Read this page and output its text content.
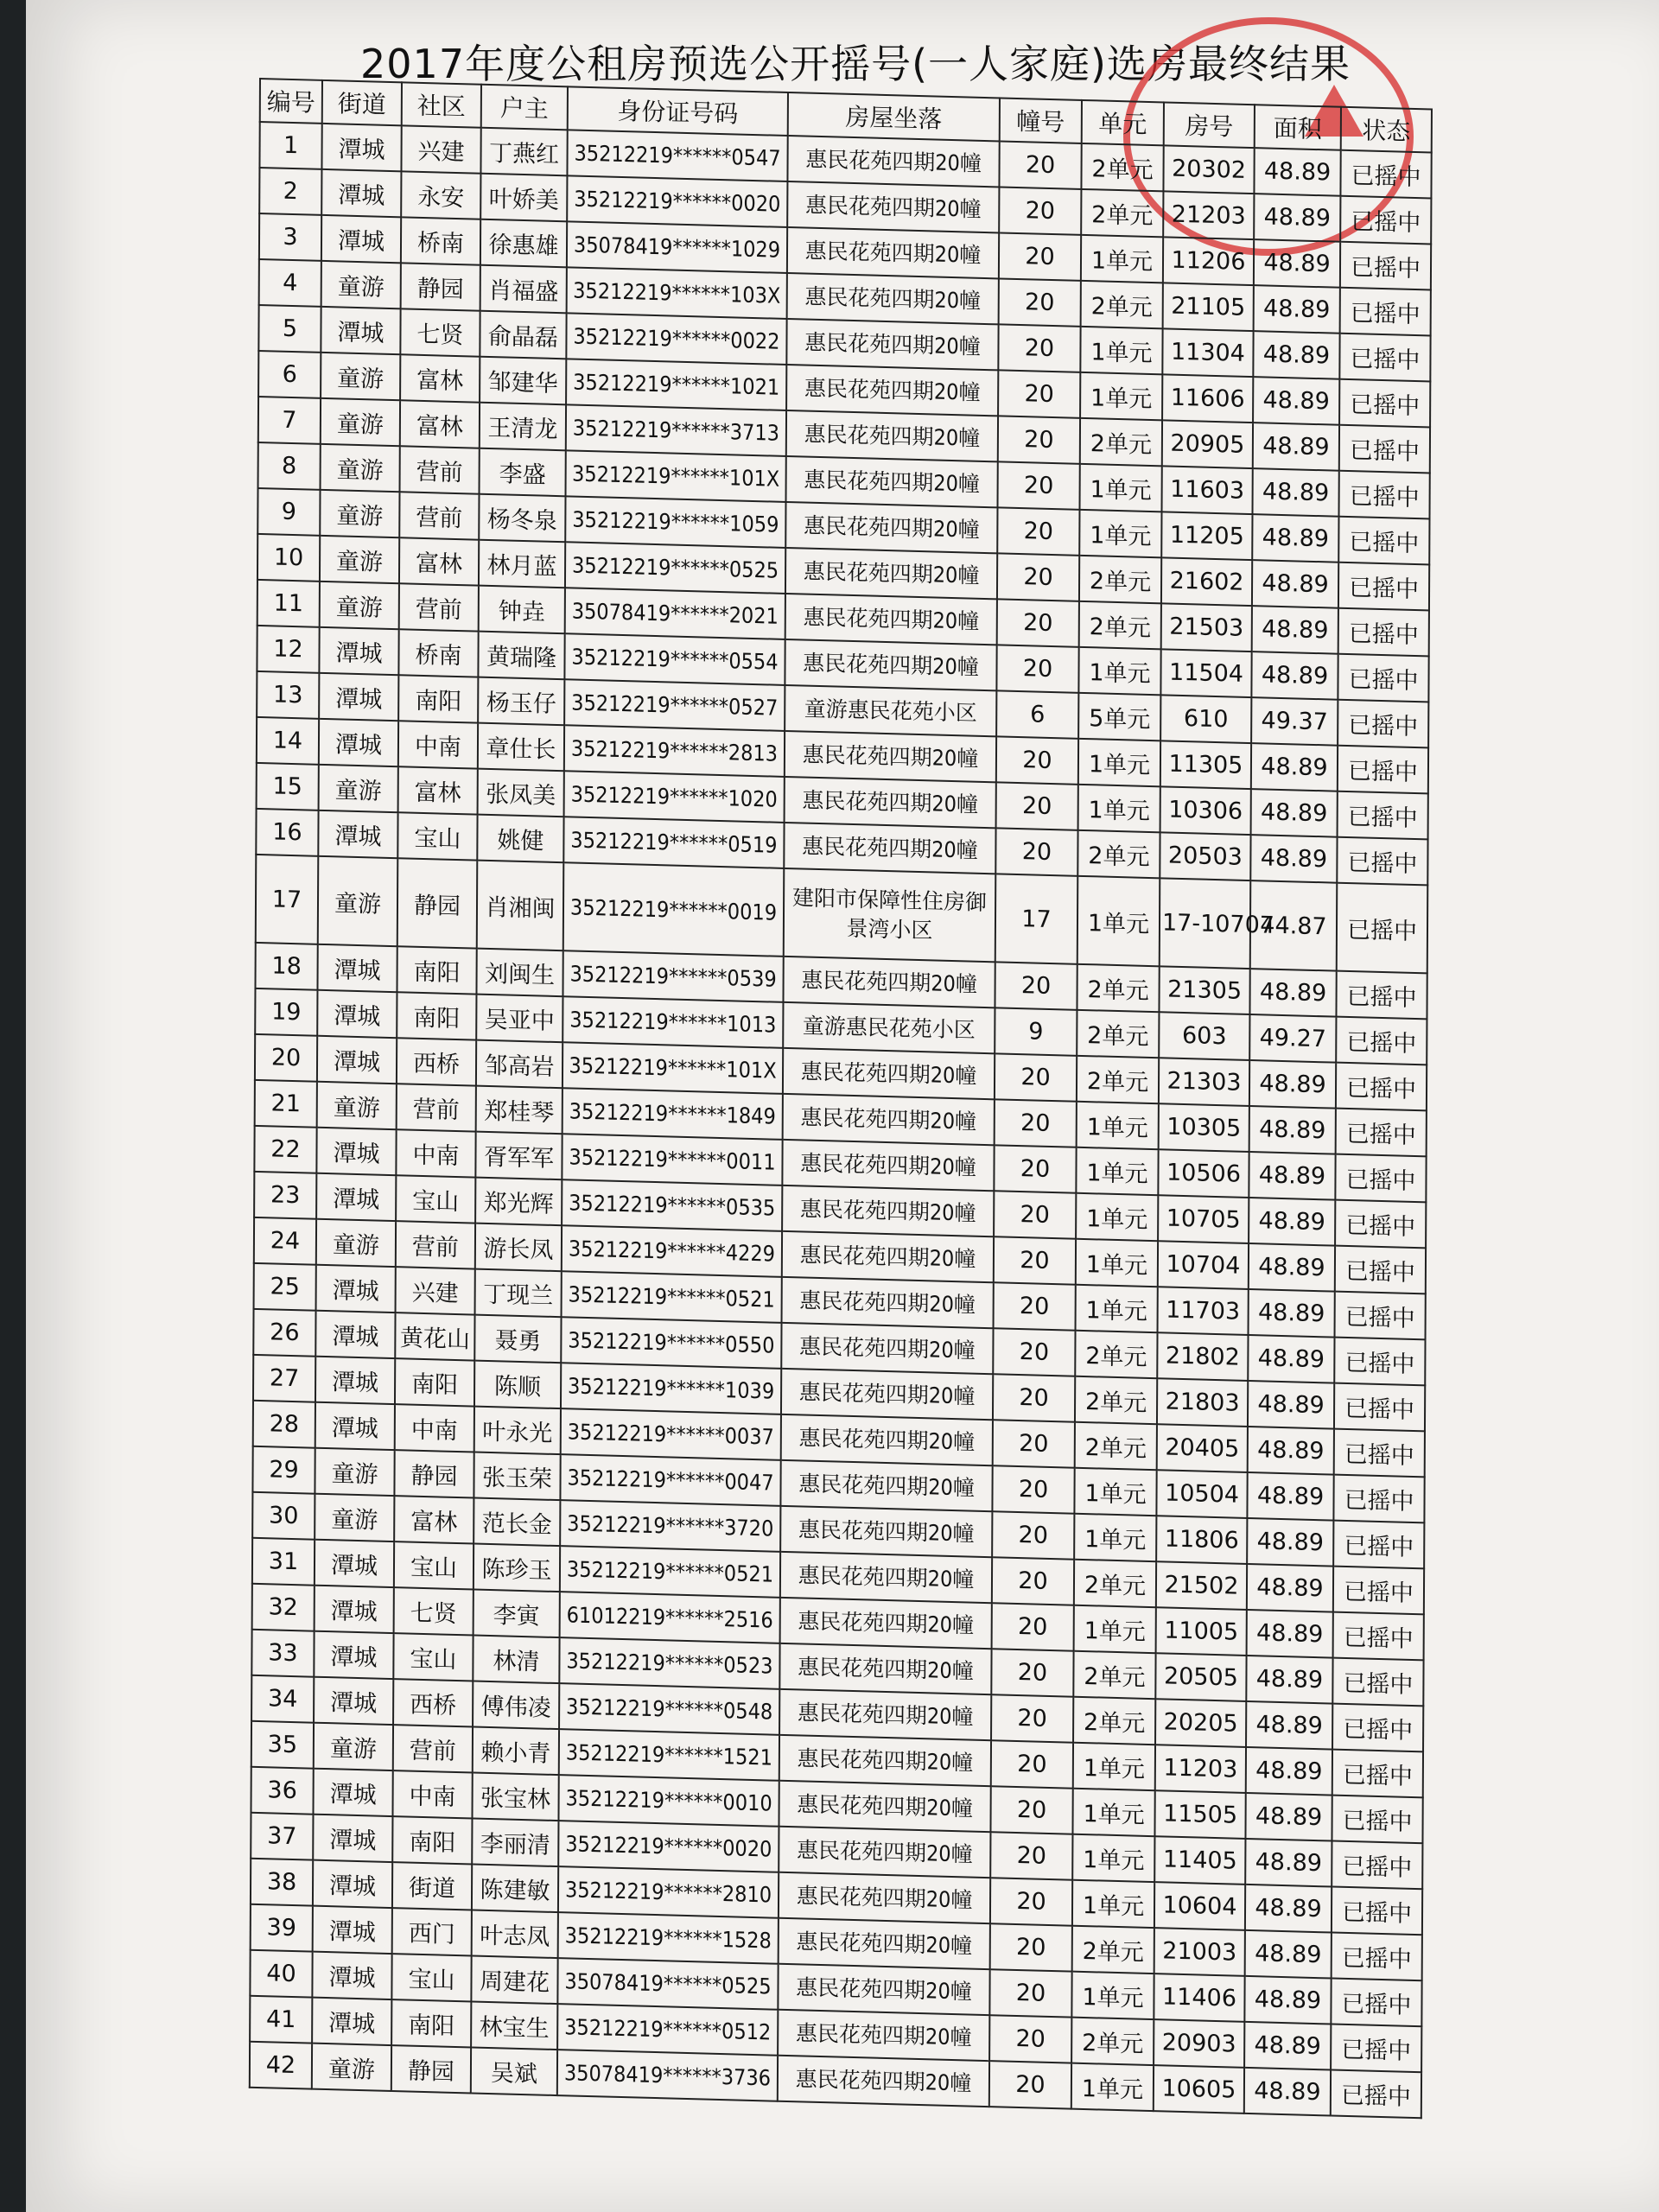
2017年度公租房预选公开摇号(一人家庭)选房最终结果
编号	街道	社区	户主	身份证号码	房屋坐落	幢号	单元	房号	面积	状态
1	潭城	兴建	丁燕红	35212219******0547	惠民花苑四期20幢	20	2单元	20302	48.89	已摇中
2	潭城	永安	叶娇美	35212219******0020	惠民花苑四期20幢	20	2单元	21203	48.89	已摇中
3	潭城	桥南	徐惠雄	35078419******1029	惠民花苑四期20幢	20	1单元	11206	48.89	已摇中
4	童游	静园	肖福盛	35212219******103X	惠民花苑四期20幢	20	2单元	21105	48.89	已摇中
5	潭城	七贤	俞晶磊	35212219******0022	惠民花苑四期20幢	20	1单元	11304	48.89	已摇中
6	童游	富林	邹建华	35212219******1021	惠民花苑四期20幢	20	1单元	11606	48.89	已摇中
7	童游	富林	王清龙	35212219******3713	惠民花苑四期20幢	20	2单元	20905	48.89	已摇中
8	童游	营前	李盛	35212219******101X	惠民花苑四期20幢	20	1单元	11603	48.89	已摇中
9	童游	营前	杨冬泉	35212219******1059	惠民花苑四期20幢	20	1单元	11205	48.89	已摇中
10	童游	富林	林月蓝	35212219******0525	惠民花苑四期20幢	20	2单元	21602	48.89	已摇中
11	童游	营前	钟垚	35078419******2021	惠民花苑四期20幢	20	2单元	21503	48.89	已摇中
12	潭城	桥南	黄瑞隆	35212219******0554	惠民花苑四期20幢	20	1单元	11504	48.89	已摇中
13	潭城	南阳	杨玉仔	35212219******0527	童游惠民花苑小区	6	5单元	610	49.37	已摇中
14	潭城	中南	章仕长	35212219******2813	惠民花苑四期20幢	20	1单元	11305	48.89	已摇中
15	童游	富林	张凤美	35212219******1020	惠民花苑四期20幢	20	1单元	10306	48.89	已摇中
16	潭城	宝山	姚健	35212219******0519	惠民花苑四期20幢	20	2单元	20503	48.89	已摇中
17	童游	静园	肖湘闽	35212219******0019	建阳市保障性住房御景湾小区	17	1单元	17-10707	44.87	已摇中
18	潭城	南阳	刘闽生	35212219******0539	惠民花苑四期20幢	20	2单元	21305	48.89	已摇中
19	潭城	南阳	吴亚中	35212219******1013	童游惠民花苑小区	9	2单元	603	49.27	已摇中
20	潭城	西桥	邹高岩	35212219******101X	惠民花苑四期20幢	20	2单元	21303	48.89	已摇中
21	童游	营前	郑桂琴	35212219******1849	惠民花苑四期20幢	20	1单元	10305	48.89	已摇中
22	潭城	中南	胥军军	35212219******0011	惠民花苑四期20幢	20	1单元	10506	48.89	已摇中
23	潭城	宝山	郑光辉	35212219******0535	惠民花苑四期20幢	20	1单元	10705	48.89	已摇中
24	童游	营前	游长凤	35212219******4229	惠民花苑四期20幢	20	1单元	10704	48.89	已摇中
25	潭城	兴建	丁现兰	35212219******0521	惠民花苑四期20幢	20	1单元	11703	48.89	已摇中
26	潭城	黄花山	聂勇	35212219******0550	惠民花苑四期20幢	20	2单元	21802	48.89	已摇中
27	潭城	南阳	陈顺	35212219******1039	惠民花苑四期20幢	20	2单元	21803	48.89	已摇中
28	潭城	中南	叶永光	35212219******0037	惠民花苑四期20幢	20	2单元	20405	48.89	已摇中
29	童游	静园	张玉荣	35212219******0047	惠民花苑四期20幢	20	1单元	10504	48.89	已摇中
30	童游	富林	范长金	35212219******3720	惠民花苑四期20幢	20	1单元	11806	48.89	已摇中
31	潭城	宝山	陈珍玉	35212219******0521	惠民花苑四期20幢	20	2单元	21502	48.89	已摇中
32	潭城	七贤	李寅	61012219******2516	惠民花苑四期20幢	20	1单元	11005	48.89	已摇中
33	潭城	宝山	林清	35212219******0523	惠民花苑四期20幢	20	2单元	20505	48.89	已摇中
34	潭城	西桥	傅伟凌	35212219******0548	惠民花苑四期20幢	20	2单元	20205	48.89	已摇中
35	童游	营前	赖小青	35212219******1521	惠民花苑四期20幢	20	1单元	11203	48.89	已摇中
36	潭城	中南	张宝林	35212219******0010	惠民花苑四期20幢	20	1单元	11505	48.89	已摇中
37	潭城	南阳	李丽清	35212219******0020	惠民花苑四期20幢	20	1单元	11405	48.89	已摇中
38	潭城	街道	陈建敏	35212219******2810	惠民花苑四期20幢	20	1单元	10604	48.89	已摇中
39	潭城	西门	叶志凤	35212219******1528	惠民花苑四期20幢	20	2单元	21003	48.89	已摇中
40	潭城	宝山	周建花	35078419******0525	惠民花苑四期20幢	20	1单元	11406	48.89	已摇中
41	潭城	南阳	林宝生	35212219******0512	惠民花苑四期20幢	20	2单元	20903	48.89	已摇中
42	童游	静园	吴斌	35078419******3736	惠民花苑四期20幢	20	1单元	10605	48.89	已摇中
